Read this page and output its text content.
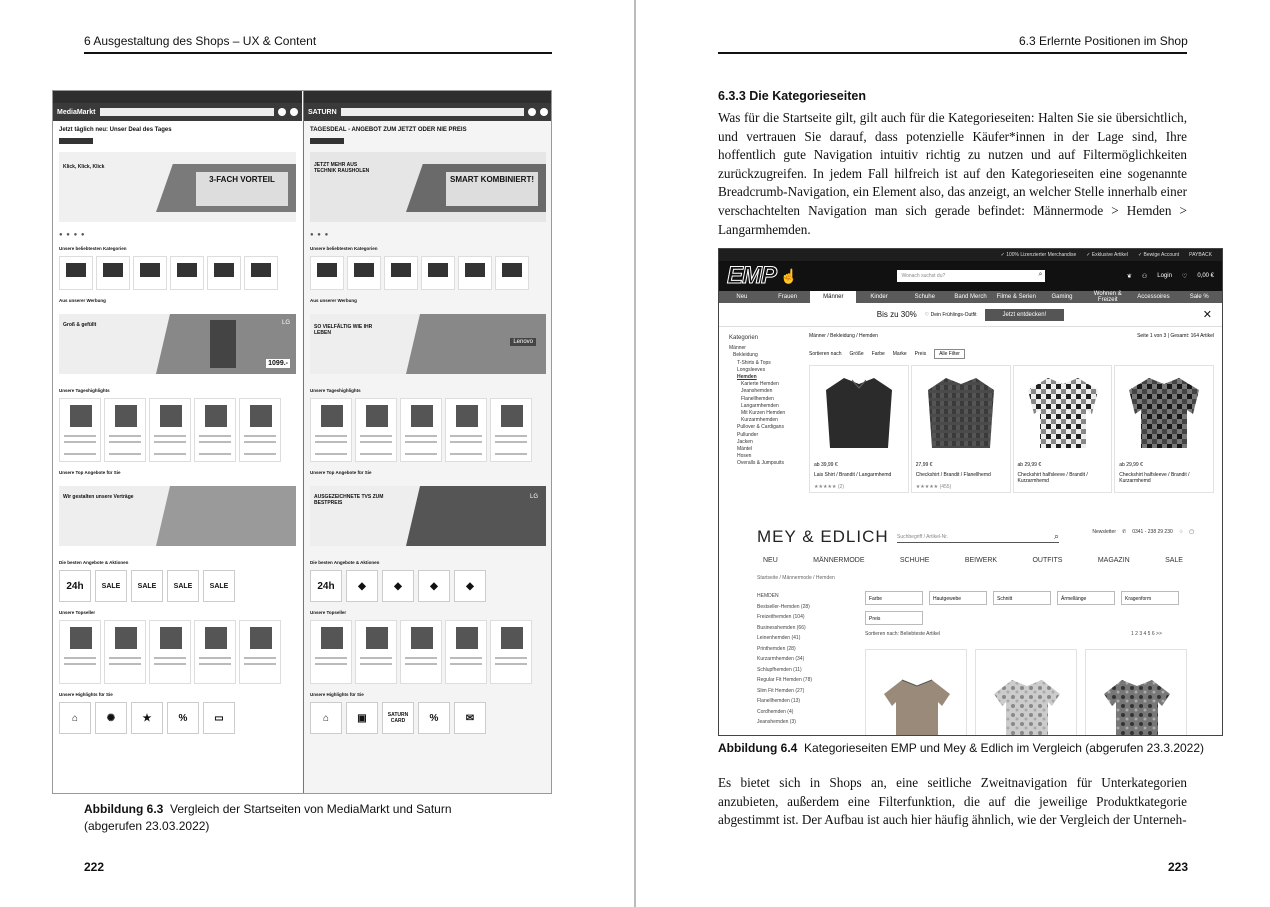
6 Ausgestaltung des Shops – UX & Content
MediaMarkt
Jetzt täglich neu: Unser Deal des Tages
Klick, Klick, Klick
3-FACH VORTEIL
● ● ● ●
Unsere beliebtesten Kategorien
Aus unserer Werbung
Groß & gefüllt	LG
1099.-
Unsere Tageshighlights
Unsere Top Angebote für Sie
Wir gestalten unsere Verträge
Die besten Angebote & Aktionen
24h	SALE	SALE	SALE	SALE
Unsere Topseller
Unsere Highlights für Sie
⌂	✺	★	%	▭
SATURN
TAGESDEAL - ANGEBOT ZUM JETZT ODER NIE PREIS
JETZT MEHR AUS TECHNIK RAUSHOLEN
SMART KOMBINIERT!
● ● ●
Unsere beliebtesten Kategorien
Aus unserer Werbung
SO VIELFÄLTIG WIE IHR LEBEN
Lenovo
Unsere Tageshighlights
Unsere Top Angebote für Sie
AUSGEZEICHNETE TVS ZUM BESTPREIS
LG
Die besten Angebote & Aktionen
24h	◆	◆	◆	◆
Unsere Topseller
Unsere Highlights für Sie
⌂	▣	SATURN CARD	%	✉
Abbildung 6.3 Vergleich der Startseiten von MediaMarkt und Saturn (abgerufen 23.03.2022)
222
6.3 Erlernte Positionen im Shop
6.3.3 Die Kategorieseiten
Was für die Startseite gilt, gilt auch für die Kategorieseiten: Halten Sie sie übersichtlich, und vertrauen Sie darauf, dass potenzielle Käufer*innen in der Lage sind, Ihre hoffentlich gute Navigation intuitiv richtig zu nutzen und auf Filtermöglichkeiten zurückzugreifen. In jedem Fall hilfreich ist auf den Kategorieseiten eine sogenannte Breadcrumb-Navigation, ein Element also, das anzeigt, an welcher Stelle innerhalb einer verschachtelten Navigation man sich gerade befindet: Männermode > Hemden > Langarmhemden.
✓ 100% Lizenzierter Merchandise ✓ Exklusive Artikel ✓ Bewige Account PAYBACK
EMP ☝	Wonach suchst du?	⌕	❦ ⚇ Login ♡ 0,00 €
Neu	Frauen	Männer	Kinder	Schuhe	Band Merch	Filme & Serien	Gaming	Wohnen & Freizeit	Accessoires	Sale %
Bis zu 30% ♡ Dein Frühlings-Outfit	Jetzt entdecken!	✕
Kategorien
Männer
Bekleidung
T-Shirts & Tops
Longsleeves
Hemden
Karierte Hemden
Jeanshemden
Flanellhemden
Langarmhemden
Mit Kurzen Hemden
Kurzarmhemden
Pullover & Cardigans
Pullunder
Jacken
Mäntel
Hosen
Overalls & Jumpsuits
Männer / Bekleidung / Hemden	Seite 1 von 3 | Gesamt: 164 Artikel
Sortieren nach Größe Farbe Marke Preis	Alle Filter
ab 39,99 €
Lais Shirt / Brandit / Langarmhemd
★★★★★ (2)
27,99 €
Checkshirt / Brandit / Flanellhemd
★★★★★ (455)
ab 29,99 €
Checkshirt halfsleeve / Brandit / Kurzarmhemd
ab 29,99 €
Checkshirt halfsleeve / Brandit / Kurzarmhemd
MEY & EDLICH Suchbegriff / Artikel-Nr.	⌕	Newsletter ✆ 0341 - 238 29 230 ♢ ▢
NEU	MÄNNERMODE	SCHUHE	BEIWERK	OUTFITS	MAGAZIN	SALE
Startseite / Männermode / Hemden
HEMDEN
Bestseller-Hemden (28)
Freizeithemden (104)
Businesshemden (66)
Leinenhemden (41)
Printhemden (28)
Kurzarmhemden (34)
Schlupfhemden (11)
Regular Fit Hemden (78)
Slim Fit Hemden (27)
Flanellhemden (13)
Cordhemden (4)
Jeanshemden (3)
Farbe	Hautgewebe	Schnitt	Ärmellänge	Kragenform
Preis
Sortieren nach: Beliebteste Artikel	1 2 3 4 5 6 >>
Abbildung 6.4 Kategorieseiten EMP und Mey & Edlich im Vergleich (abgerufen 23.3.2022)
Es bietet sich in Shops an, eine seitliche Zweitnavigation für Unterkategorien anzubieten, außerdem eine Filterfunktion, die auf die jeweilige Produktkategorie abgestimmt ist. Der Aufbau ist auch hier häufig ähnlich, wie der Vergleich der Unterneh-
223
